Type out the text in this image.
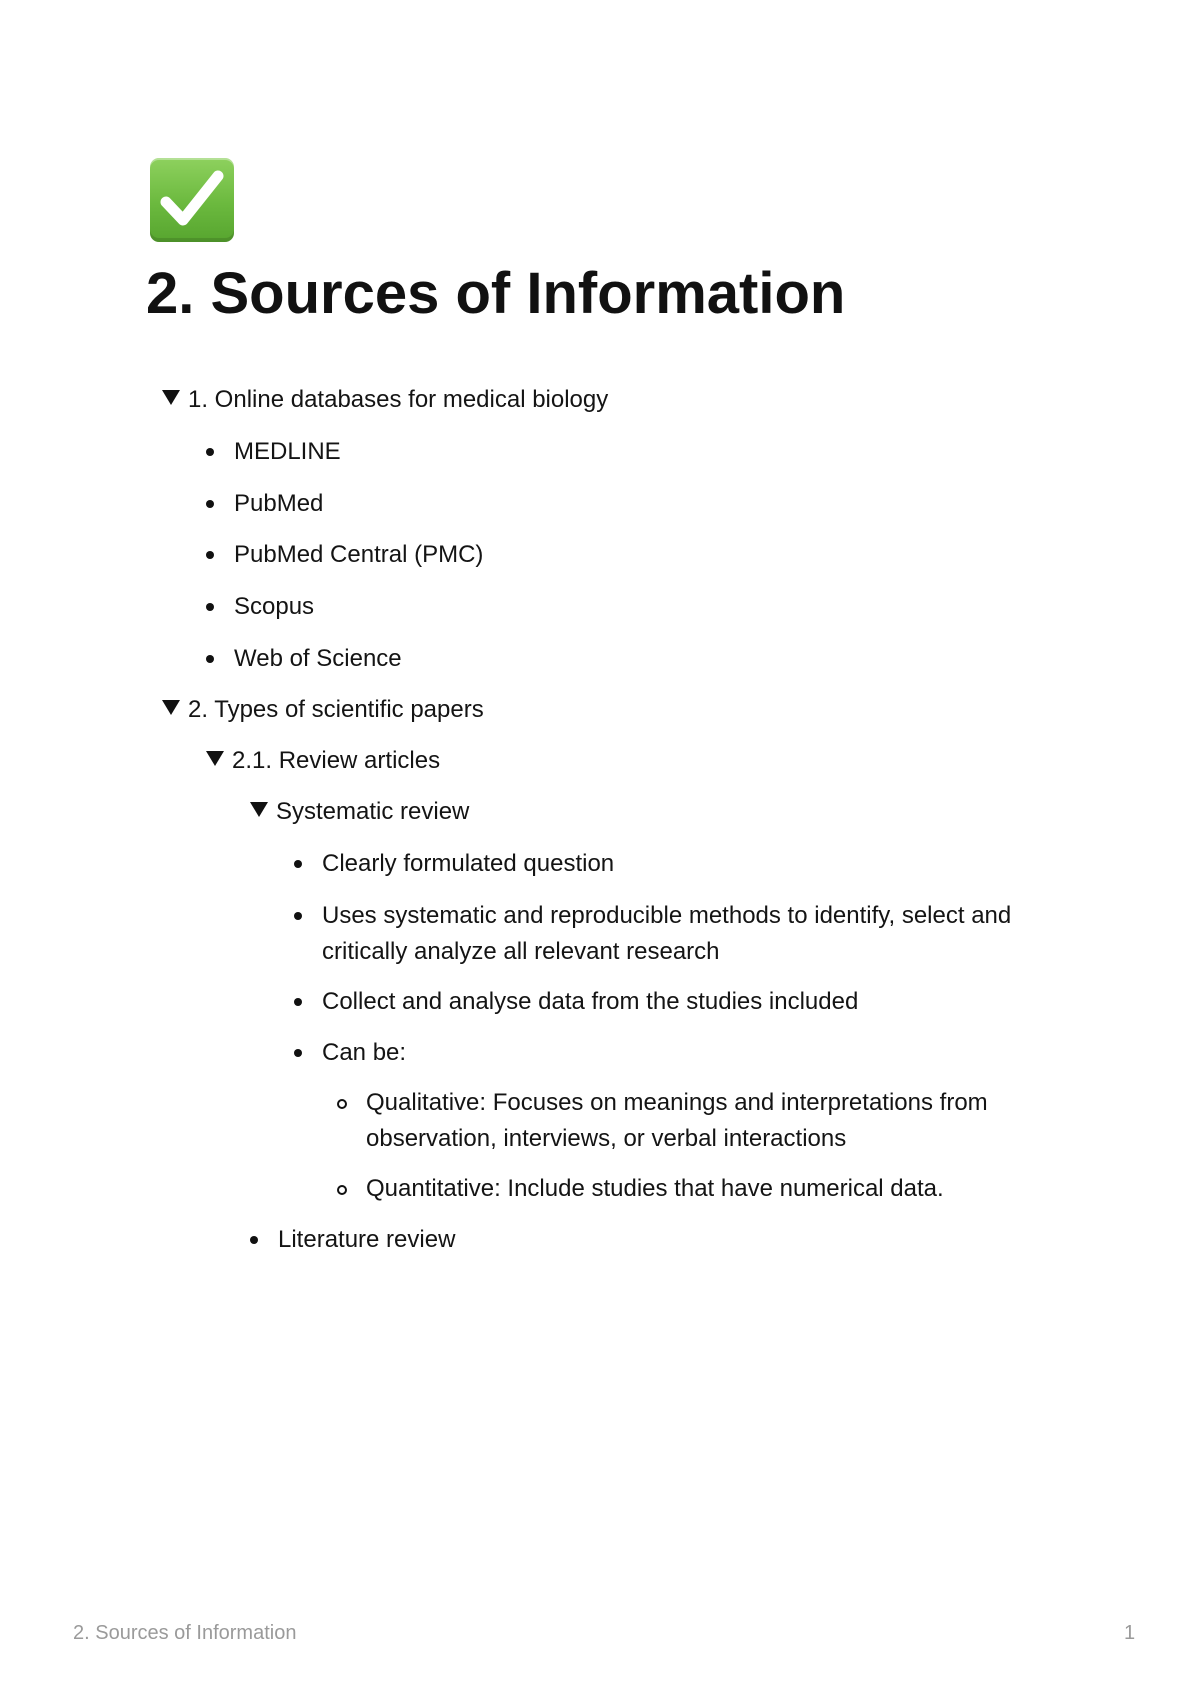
2. Sources of Information
1. Online databases for medical biology
MEDLINE
PubMed
PubMed Central (PMC)
Scopus
Web of Science
2. Types of scientific papers
2.1. Review articles
Systematic review
Clearly formulated question
Uses systematic and reproducible methods to identify, select and critically analyze all relevant research
Collect and analyse data from the studies included
Can be:
Qualitative: Focuses on meanings and interpretations from observation, interviews, or verbal interactions
Quantitative: Include studies that have numerical data.
Literature review
2. Sources of Information	1
